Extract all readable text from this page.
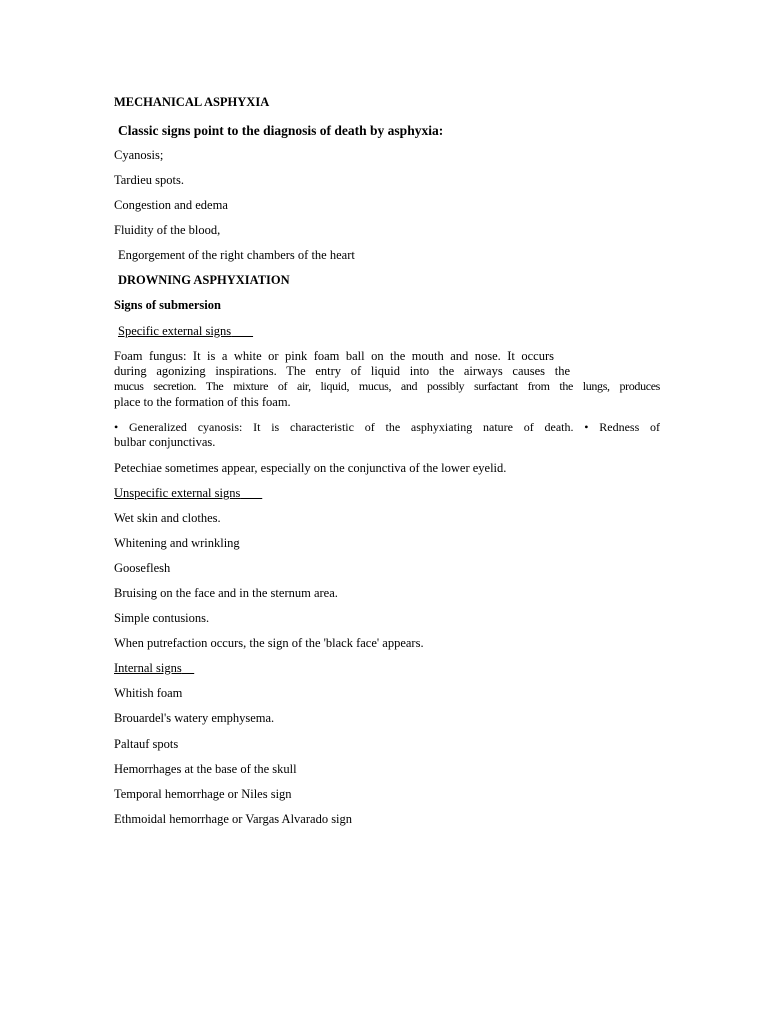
MECHANICAL ASPHYXIA
Classic signs point to the diagnosis of death by asphyxia:
Cyanosis;
Tardieu spots.
Congestion and edema
Fluidity of the blood,
Engorgement of the right chambers of the heart
DROWNING ASPHYXIATION
Signs of submersion
Specific external signs

Foam fungus: It is a white or pink foam ball on the mouth and nose. It occurs

during agonizing inspirations. The entry of liquid into the airways causes the

mucus secretion. The mixture of air, liquid, mucus, and possibly surfactant from the lungs, produces

place to the formation of this foam.

• Generalized cyanosis: It is characteristic of the asphyxiating nature of death. • Redness of

bulbar conjunctivas.

Petechiae sometimes appear, especially on the conjunctiva of the lower eyelid.
Unspecific external signs
Wet skin and clothes.
Whitening and wrinkling
Gooseflesh
Bruising on the face and in the sternum area.
Simple contusions.
When putrefaction occurs, the sign of the 'black face' appears.
Internal signs
Whitish foam
Brouardel's watery emphysema.
Paltauf spots
Hemorrhages at the base of the skull
Temporal hemorrhage or Niles sign
Ethmoidal hemorrhage or Vargas Alvarado sign
